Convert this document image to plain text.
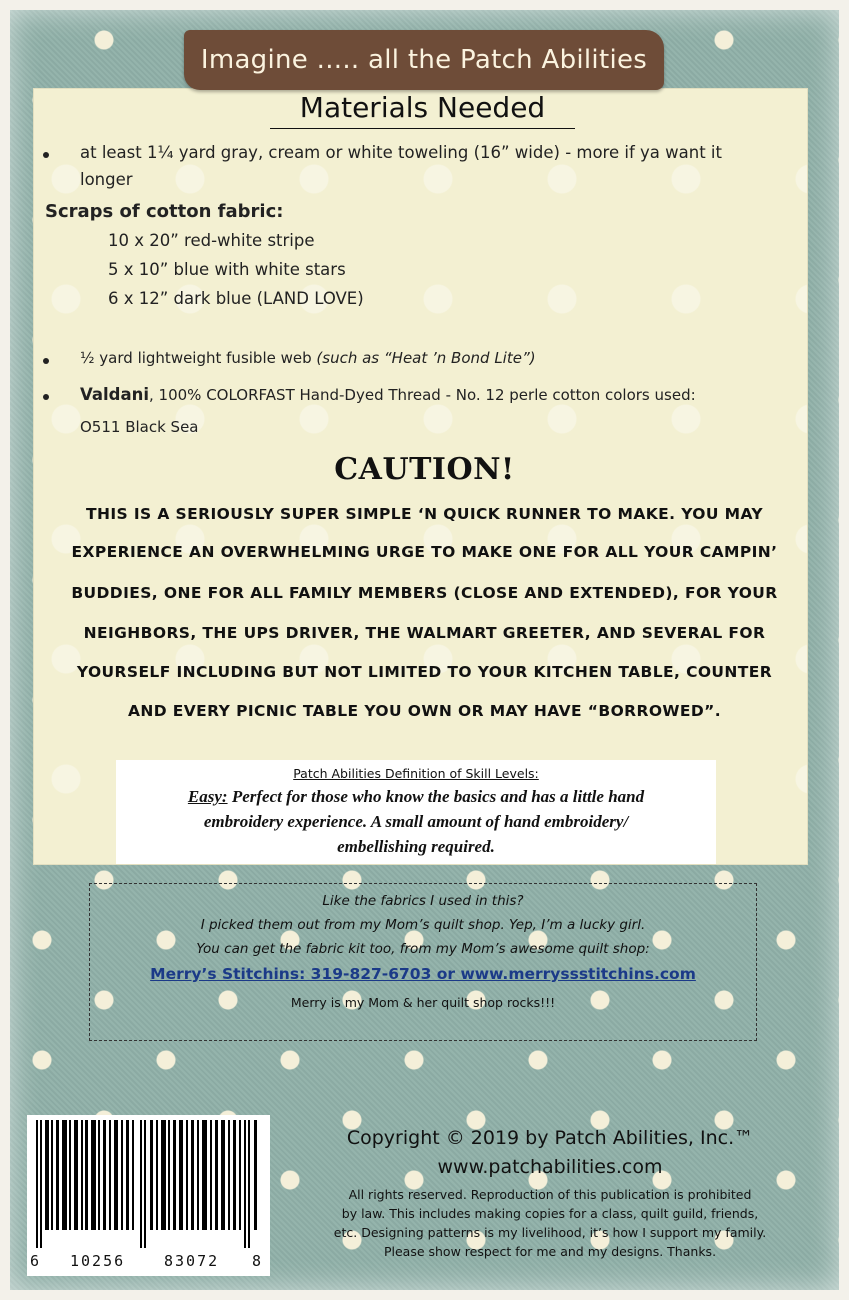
Imagine ..... all the Patch Abilities
Materials Needed
at least 1¼ yard gray, cream or white toweling (16” wide) - more if ya want it
longer
Scraps of cotton fabric:
10 x 20” red-white stripe
5 x 10” blue with white stars
6 x 12” dark blue (LAND LOVE)
½ yard lightweight fusible web (such as “Heat ’n Bond Lite”)
Valdani, 100% COLORFAST Hand-Dyed Thread - No. 12 perle cotton colors used:
O511 Black Sea
CAUTION!
THIS IS A SERIOUSLY SUPER SIMPLE ‘N QUICK RUNNER TO MAKE. YOU MAY
EXPERIENCE AN OVERWHELMING URGE TO MAKE ONE FOR ALL YOUR CAMPIN’
BUDDIES, ONE FOR ALL FAMILY MEMBERS (CLOSE AND EXTENDED), FOR YOUR
NEIGHBORS, THE UPS DRIVER, THE WALMART GREETER, AND SEVERAL FOR
YOURSELF INCLUDING BUT NOT LIMITED TO YOUR KITCHEN TABLE, COUNTER
AND EVERY PICNIC TABLE YOU OWN OR MAY HAVE “BORROWED”.
Patch Abilities Definition of Skill Levels:
Easy: Perfect for those who know the basics and has a little hand
embroidery experience. A small amount of hand embroidery/
embellishing required.
Like the fabrics I used in this?
I picked them out from my Mom’s quilt shop. Yep, I’m a lucky girl.
You can get the fabric kit too, from my Mom’s awesome quilt shop:
Merry’s Stitchins: 319-827-6703 or www.merryssstitchins.com
Merry is my Mom & her quilt shop rocks!!!
6 10256	83072 8
Copyright © 2019 by Patch Abilities, Inc.™
www.patchabilities.com
All rights reserved. Reproduction of this publication is prohibited
by law. This includes making copies for a class, quilt guild, friends,
etc. Designing patterns is my livelihood, it’s how I support my family.
Please show respect for me and my designs. Thanks.
